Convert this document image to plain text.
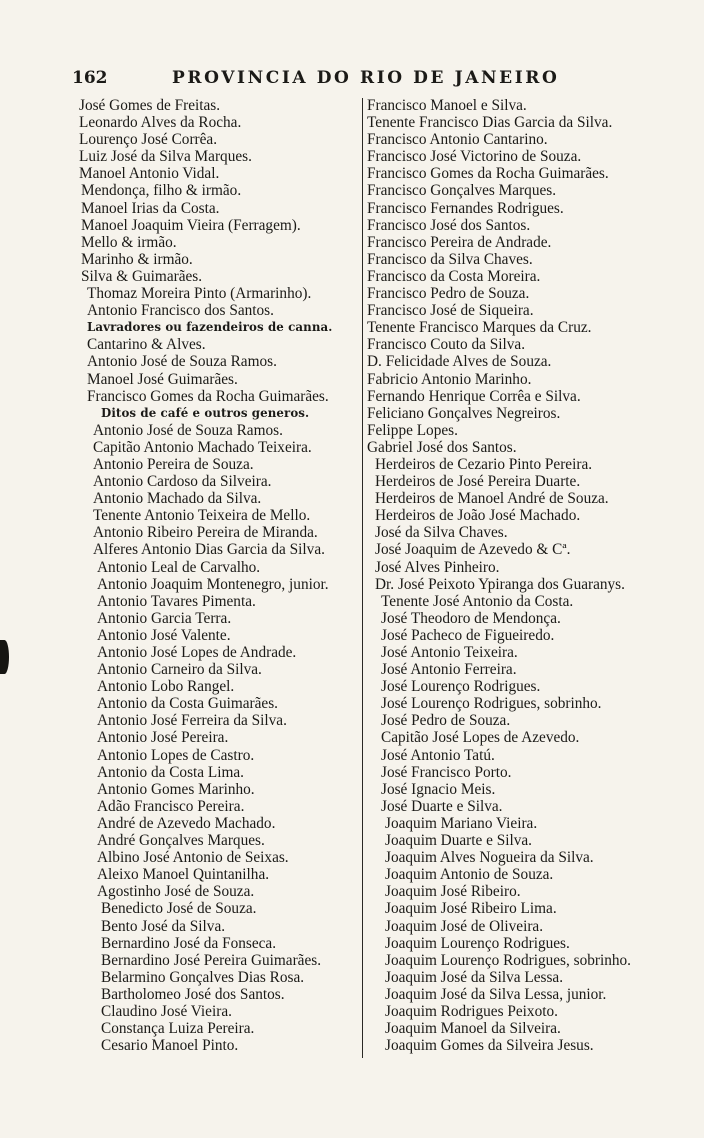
162	PROVINCIA DO RIO DE JANEIRO
José Gomes de Freitas.
Leonardo Alves da Rocha.
Lourenço José Corrêa.
Luiz José da Silva Marques.
Manoel Antonio Vidal.
Mendonça, filho & irmão.
Manoel Irias da Costa.
Manoel Joaquim Vieira (Ferragem).
Mello & irmão.
Marinho & irmão.
Silva & Guimarães.
Thomaz Moreira Pinto (Armarinho).
Antonio Francisco dos Santos.
Lavradores ou fazendeiros de canna.
Cantarino & Alves.
Antonio José de Souza Ramos.
Manoel José Guimarães.
Francisco Gomes da Rocha Guimarães.
Ditos de café e outros generos.
Antonio José de Souza Ramos.
Capitão Antonio Machado Teixeira.
Antonio Pereira de Souza.
Antonio Cardoso da Silveira.
Antonio Machado da Silva.
Tenente Antonio Teixeira de Mello.
Antonio Ribeiro Pereira de Miranda.
Alferes Antonio Dias Garcia da Silva.
Antonio Leal de Carvalho.
Antonio Joaquim Montenegro, junior.
Antonio Tavares Pimenta.
Antonio Garcia Terra.
Antonio José Valente.
Antonio José Lopes de Andrade.
Antonio Carneiro da Silva.
Antonio Lobo Rangel.
Antonio da Costa Guimarães.
Antonio José Ferreira da Silva.
Antonio José Pereira.
Antonio Lopes de Castro.
Antonio da Costa Lima.
Antonio Gomes Marinho.
Adão Francisco Pereira.
André de Azevedo Machado.
André Gonçalves Marques.
Albino José Antonio de Seixas.
Aleixo Manoel Quintanilha.
Agostinho José de Souza.
Benedicto José de Souza.
Bento José da Silva.
Bernardino José da Fonseca.
Bernardino José Pereira Guimarães.
Belarmino Gonçalves Dias Rosa.
Bartholomeo José dos Santos.
Claudino José Vieira.
Constança Luiza Pereira.
Cesario Manoel Pinto.
Francisco Manoel e Silva.
Tenente Francisco Dias Garcia da Silva.
Francisco Antonio Cantarino.
Francisco José Victorino de Souza.
Francisco Gomes da Rocha Guimarães.
Francisco Gonçalves Marques.
Francisco Fernandes Rodrigues.
Francisco José dos Santos.
Francisco Pereira de Andrade.
Francisco da Silva Chaves.
Francisco da Costa Moreira.
Francisco Pedro de Souza.
Francisco José de Siqueira.
Tenente Francisco Marques da Cruz.
Francisco Couto da Silva.
D. Felicidade Alves de Souza.
Fabricio Antonio Marinho.
Fernando Henrique Corrêa e Silva.
Feliciano Gonçalves Negreiros.
Felippe Lopes.
Gabriel José dos Santos.
Herdeiros de Cezario Pinto Pereira.
Herdeiros de José Pereira Duarte.
Herdeiros de Manoel André de Souza.
Herdeiros de João José Machado.
José da Silva Chaves.
José Joaquim de Azevedo & Cª.
José Alves Pinheiro.
Dr. José Peixoto Ypiranga dos Guaranys.
Tenente José Antonio da Costa.
José Theodoro de Mendonça.
José Pacheco de Figueiredo.
José Antonio Teixeira.
José Antonio Ferreira.
José Lourenço Rodrigues.
José Lourenço Rodrigues, sobrinho.
José Pedro de Souza.
Capitão José Lopes de Azevedo.
José Antonio Tatú.
José Francisco Porto.
José Ignacio Meis.
José Duarte e Silva.
Joaquim Mariano Vieira.
Joaquim Duarte e Silva.
Joaquim Alves Nogueira da Silva.
Joaquim Antonio de Souza.
Joaquim José Ribeiro.
Joaquim José Ribeiro Lima.
Joaquim José de Oliveira.
Joaquim Lourenço Rodrigues.
Joaquim Lourenço Rodrigues, sobrinho.
Joaquim José da Silva Lessa.
Joaquim José da Silva Lessa, junior.
Joaquim Rodrigues Peixoto.
Joaquim Manoel da Silveira.
Joaquim Gomes da Silveira Jesus.
